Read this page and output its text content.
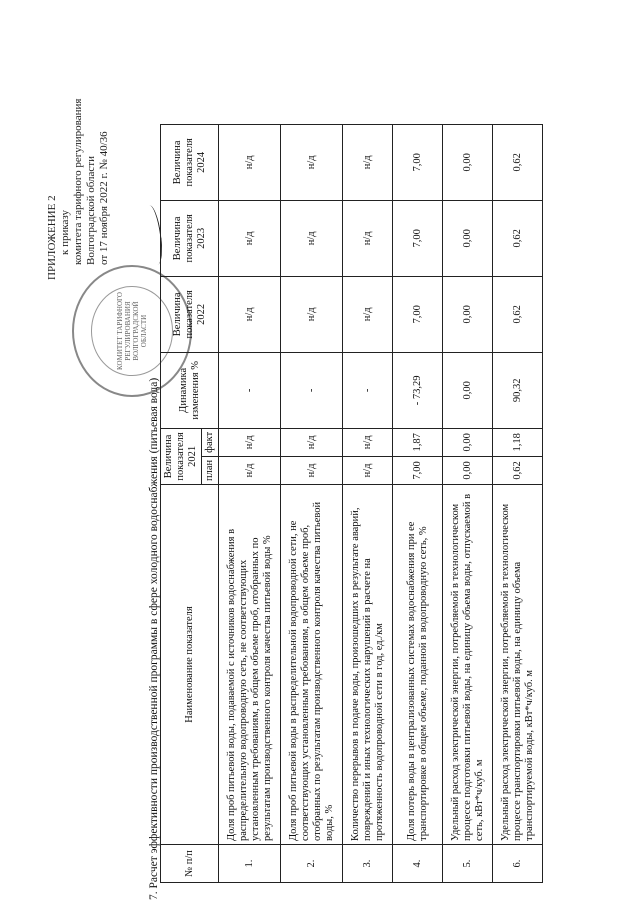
КОМИТЕТ ТАРИФНОГО РЕГУЛИРОВАНИЯ ВОЛГОГРАДСКОЙ ОБЛАСТИ
ПРИЛОЖЕНИЕ 2 к приказу комитета тарифного регулирования Волгоградской области от 17 ноября 2022 г. № 40/36
7. Расчет эффективности производственной программы в сфере холодного водоснабжения (питьевая вода) № п/п	Наименование показателя	Величина показателя 2021		Динамика изменения %	Величина показателя 2022	Величина показателя 2023	Величина показателя 2024
		план	факт				
1.	Доля проб питьевой воды, подаваемой с источников водоснабжения в распределительную водопроводную сеть, не соответствующих установленным требованиям, в общем объеме проб, отобранных по результатам производственного контроля качества питьевой воды %	н/д	н/д	-	н/д	н/д	н/д
2.	Доля проб питьевой воды в распределительной водопроводной сети, не соответствующих установленным требованиям, в общем объеме проб, отобранных по результатам производственного контроля качества питьевой воды, %	н/д	н/д	-	н/д	н/д	н/д
3.	Количество перерывов в подаче воды, произошедших в результате аварий, повреждений и иных технологических нарушений в расчете на протяженность водопроводной сети в год, ед./км	н/д	н/д	-	н/д	н/д	н/д
4.	Доля потерь воды в централизованных системах водоснабжения при ее транспортировке в общем объеме, поданной в водопроводную сеть, %	7,00	1,87	- 73,29	7,00	7,00	7,00
5.	Удельный расход электрической энергии, потребляемой в технологическом процессе подготовки питьевой воды, на единицу объема воды, отпускаемой в сеть, кВт*ч/куб. м	0,00	0,00	0,00	0,00	0,00	0,00
6.	Удельный расход электрической энергии, потребляемой в технологическом процессе транспортировки питьевой воды, на единицу объема транспортируемой воды, кВт*ч/куб. м	0,62	1,18	90,32	0,62	0,62	0,62
